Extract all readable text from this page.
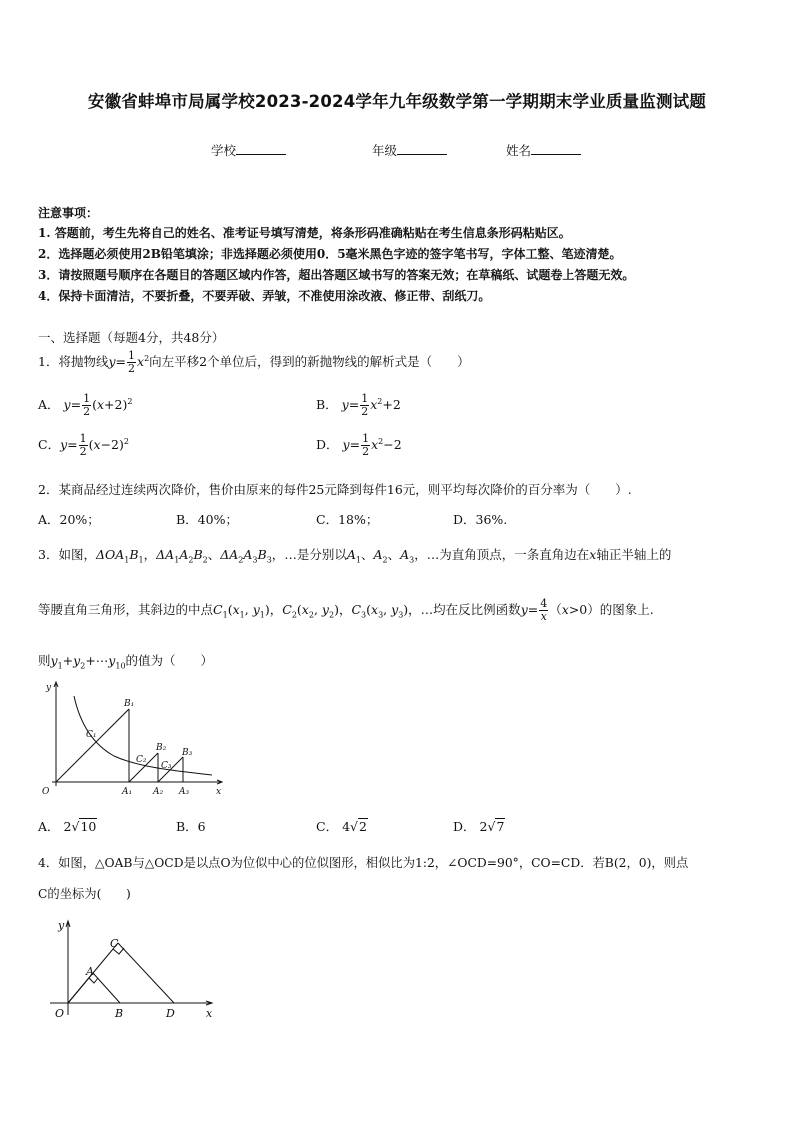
安徽省蚌埠市局属学校2023-2024学年九年级数学第一学期期末学业质量监测试题
学校	年级	姓名
注意事项：
1. 答题前，考生先将自己的姓名、准考证号填写清楚，将条形码准确粘贴在考生信息条形码粘贴区。
2．选择题必须使用2B铅笔填涂；非选择题必须使用0．5毫米黑色字迹的签字笔书写，字体工整、笔迹清楚。
3．请按照题号顺序在各题目的答题区域内作答，超出答题区域书写的答案无效；在草稿纸、试题卷上答题无效。
4．保持卡面清洁，不要折叠，不要弄破、弄皱，不准使用涂改液、修正带、刮纸刀。
一、选择题（每题4分，共48分）
1．将抛物线$y= \frac{1}{2} x^2$向左平移2个单位后，得到的新抛物线的解析式是（　　）
A． $y= \frac{1}{2} (x+2)^2$	B． $y= \frac{1}{2} x^2+2$
C．$y= \frac{1}{2} (x-2)^2$	D． $y= \frac{1}{2} x^2-2$
2．某商品经过连续两次降价，售价由原来的每件25元降到每件16元，则平均每次降价的百分率为（　　）.
A．20%；	B．40%；	C．18%；	D．36%.
3．如图，$\Delta OA_1B_1$，$\Delta A_1A_2B_2$、$\Delta A_2A_3B_3$，…是分别以$A_1$、$A_2$、$A_3$，…为直角顶点，一条直角边在x轴正半轴上的
等腰直角三角形，其斜边的中点$C_1(x_1$, $y_1$)，$C_2(x_2$, $y_2$)，$C_3(x_3$, $y_3$)，…均在反比例函数$y= \frac{4}{x} (x>0)$的图象上.
则$y_1+y_2+\cdots y_{10}$的值为（　　）
y
O	x
B₁
C₁
B₂
C₂
B₃
C₃
A₁ A₂ A₃
A． 2√10	B．6	C． 4√2	D． 2√7
4．如图，△OAB与△OCD是以点O为位似中心的位似图形，相似比为1:2，∠OCD=90°，CO=CD．若B(2，0)，则点
C的坐标为(　　)
y
C
A
O	B	D	x
